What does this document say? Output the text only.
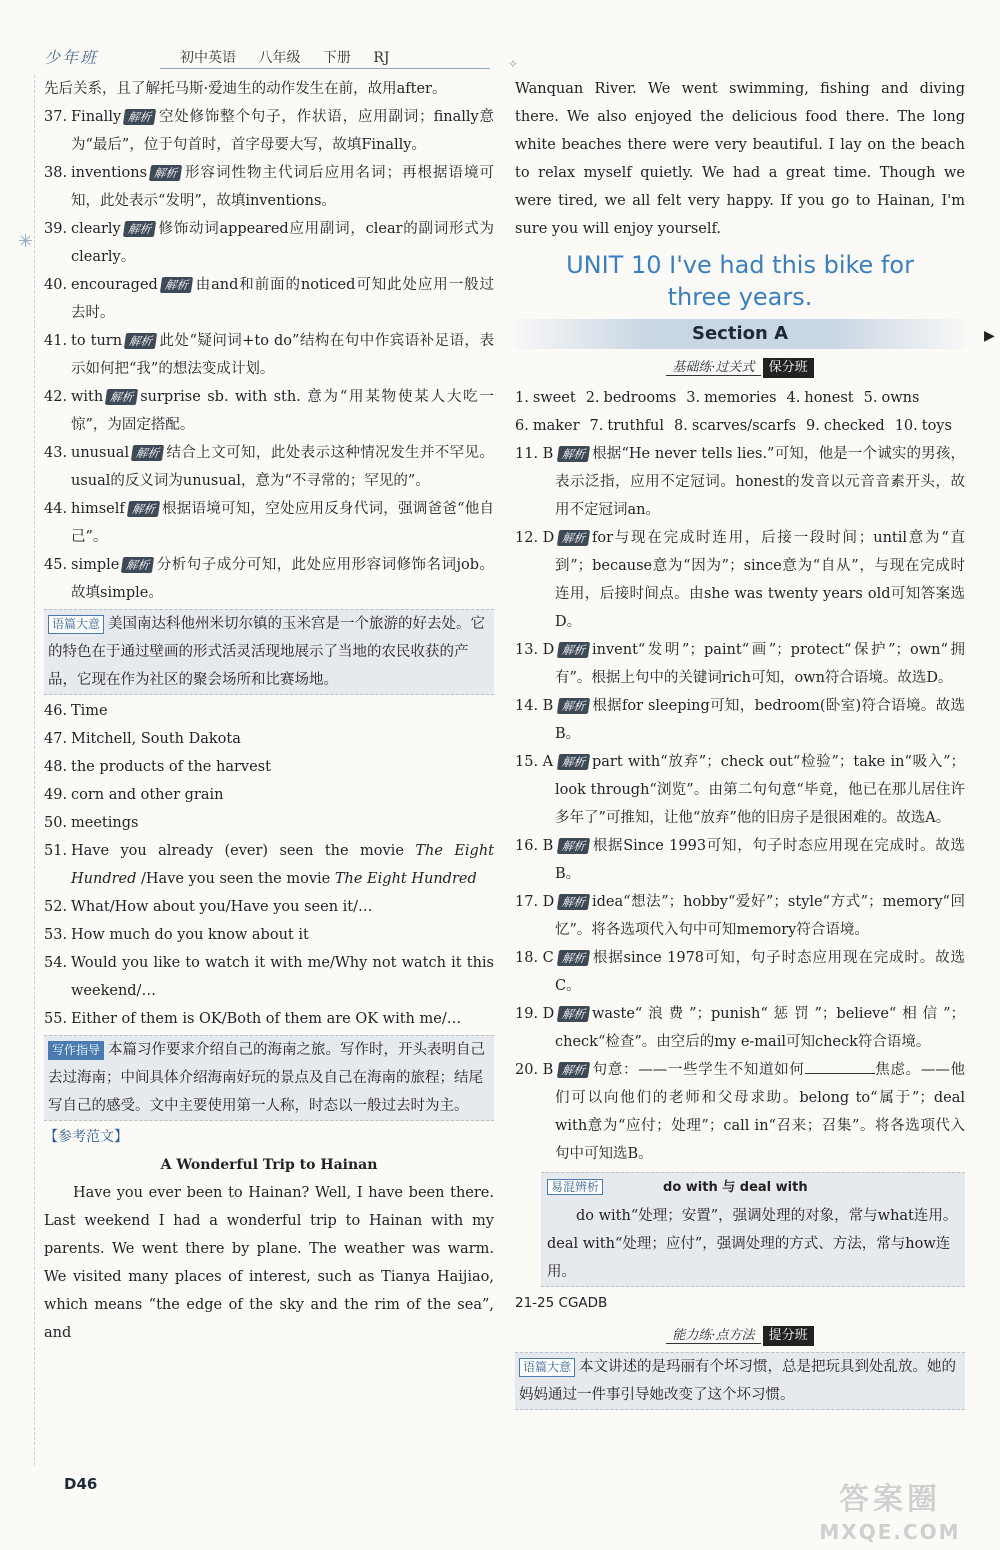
少年班	初中英语 八年级 下册 RJ	✧
✳
▶

先后关系，且了解托马斯·爱迪生的动作发生在前，故用after。

37. Finally 解析 空处修饰整个句子，作状语，应用副词；finally意为“最后”，位于句首时，首字母要大写，故填Finally。
38. inventions 解析 形容词性物主代词后应用名词；再根据语境可知，此处表示“发明”，故填inventions。
39. clearly 解析 修饰动词appeared应用副词，clear的副词形式为clearly。
40. encouraged 解析 由and和前面的noticed可知此处应用一般过去时。
41. to turn 解析 此处“疑问词+to do”结构在句中作宾语补足语，表示如何把“我”的想法变成计划。
42. with 解析 surprise sb. with sth. 意为“用某物使某人大吃一惊”，为固定搭配。
43. unusual 解析 结合上文可知，此处表示这种情况发生并不罕见。usual的反义词为unusual，意为“不寻常的；罕见的”。
44. himself 解析 根据语境可知，空处应用反身代词，强调爸爸“他自己”。
45. simple 解析 分析句子成分可知，此处应用形容词修饰名词job。故填simple。
语篇大意 美国南达科他州米切尔镇的玉米宫是一个旅游的好去处。它的特色在于通过壁画的形式活灵活现地展示了当地的农民收获的产品，它现在作为社区的聚会场所和比赛场地。
46. Time
47. Mitchell, South Dakota
48. the products of the harvest
49. corn and other grain
50. meetings
51. Have you already (ever) seen the movie The Eight Hundred /Have you seen the movie The Eight Hundred
52. What/How about you/Have you seen it/…
53. How much do you know about it
54. Would you like to watch it with me/Why not watch it this weekend/…
55. Either of them is OK/Both of them are OK with me/…
写作指导 本篇习作要求介绍自己的海南之旅。写作时，开头表明自己去过海南；中间具体介绍海南好玩的景点及自己在海南的旅程；结尾写自己的感受。文中主要使用第一人称，时态以一般过去时为主。
【参考范文】
A Wonderful Trip to Hainan

Have you ever been to Hainan? Well, I have been there. Last weekend I had a wonderful trip to Hainan with my parents. We went there by plane. The weather was warm. We visited many places of interest, such as Tianya Haijiao, which means “the edge of the sky and the rim of the sea”, and

Wanquan River. We went swimming, fishing and diving there. We also enjoyed the delicious food there. The long white beaches there were very beautiful. I lay on the beach to relax myself quietly. We had a great time. Though we were tired, we all felt very happy. If you go to Hainan, I'm sure you will enjoy yourself.

UNIT 10 I've had this bike for
three years.
Section A
基础练·过关式 保分班
1. sweet 2. bedrooms 3. memories 4. honest 5. owns
6. maker 7. truthful 8. scarves/scarfs 9. checked 10. toys
11. B 解析 根据“He never tells lies.”可知，他是一个诚实的男孩，表示泛指，应用不定冠词。honest的发音以元音音素开头，故用不定冠词an。
12. D 解析 for与现在完成时连用，后接一段时间；until意为“直到”；because意为“因为”；since意为“自从”，与现在完成时连用，后接时间点。由she was twenty years old可知答案选D。
13. D 解析 invent“发明”；paint“画”；protect“保护”；own“拥有”。根据上句中的关键词rich可知，own符合语境。故选D。
14. B 解析 根据for sleeping可知，bedroom(卧室)符合语境。故选B。
15. A 解析 part with“放弃”；check out“检验”；take in“吸入”；look through“浏览”。由第二句句意“毕竟，他已在那儿居住许多年了”可推知，让他“放弃”他的旧房子是很困难的。故选A。
16. B 解析 根据Since 1993可知，句子时态应用现在完成时。故选B。
17. D 解析 idea“想法”；hobby“爱好”；style“方式”；memory“回忆”。将各选项代入句中可知memory符合语境。
18. C 解析 根据since 1978可知，句子时态应用现在完成时。故选C。
19. D 解析 waste“浪费”；punish“惩罚”；believe“相信”；check“检查”。由空后的my e-mail可知check符合语境。
20. B 解析 句意：——一些学生不知道如何	焦虑。——他们可以向他们的老师和父母求助。belong to“属于”；deal with意为“应付；处理”；call in“召来；召集”。将各选项代入句中可知选B。
易混辨析	do with 与 deal with
do with“处理；安置”，强调处理的对象，常与what连用。deal with“处理；应付”，强调处理的方式、方法，常与how连用。
21-25 CGADB
能力练·点方法 提分班
语篇大意 本文讲述的是玛丽有个坏习惯，总是把玩具到处乱放。她的妈妈通过一件事引导她改变了这个坏习惯。
D46	答案圈
MXQE.COM
